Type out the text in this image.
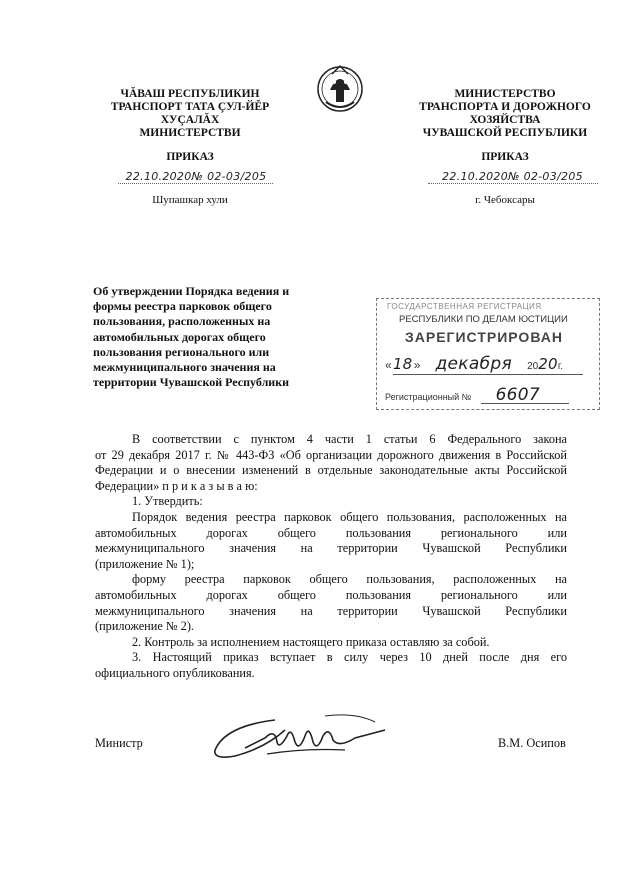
ЧĂВАШ РЕСПУБЛИКИН
ТРАНСПОРТ ТАТА ÇУЛ-ЙĔР
ХУÇАЛĂХ
МИНИСТЕРСТВИ
МИНИСТЕРСТВО
ТРАНСПОРТА И ДОРОЖНОГО
ХОЗЯЙСТВА
ЧУВАШСКОЙ РЕСПУБЛИКИ
ПРИКАЗ	ПРИКАЗ
22.10.2020№ 02-03/205	22.10.2020№ 02-03/205
Шупашкар хули	г. Чебоксары
Об утверждении Порядка ведения и
формы реестра парковок общего
пользования, расположенных на
автомобильных дорогах общего
пользования регионального или
межмуниципального значения на
территории Чувашской Республики
ГОСУДАРСТВЕННАЯ РЕГИСТРАЦИЯ
РЕСПУБЛИКИ ПО ДЕЛАМ ЮСТИЦИИ
ЗАРЕГИСТРИРОВАН
«18» декабря 2020г.
Регистрационный № 6607

В соответствии с пунктом 4 части 1 статьи 6 Федерального закона

от 29 декабря 2017 г. № 443-ФЗ «Об организации дорожного движения в Российской Федерации и о внесении изменений в отдельные законодательные акты Российской Федерации» п р и к а з ы в а ю:

1. Утвердить:

Порядок ведения реестра парковок общего пользования, расположенных на

автомобильных дорогах общего пользования регионального или

межмуниципального значения на территории Чувашской Республики

(приложение № 1);

форму реестра парковок общего пользования, расположенных на

автомобильных дорогах общего пользования регионального или

межмуниципального значения на территории Чувашской Республики

(приложение № 2).

2. Контроль за исполнением настоящего приказа оставляю за собой.

3. Настоящий приказ вступает в силу через 10 дней после дня его

официального опубликования.

Министр	В.М. Осипов
